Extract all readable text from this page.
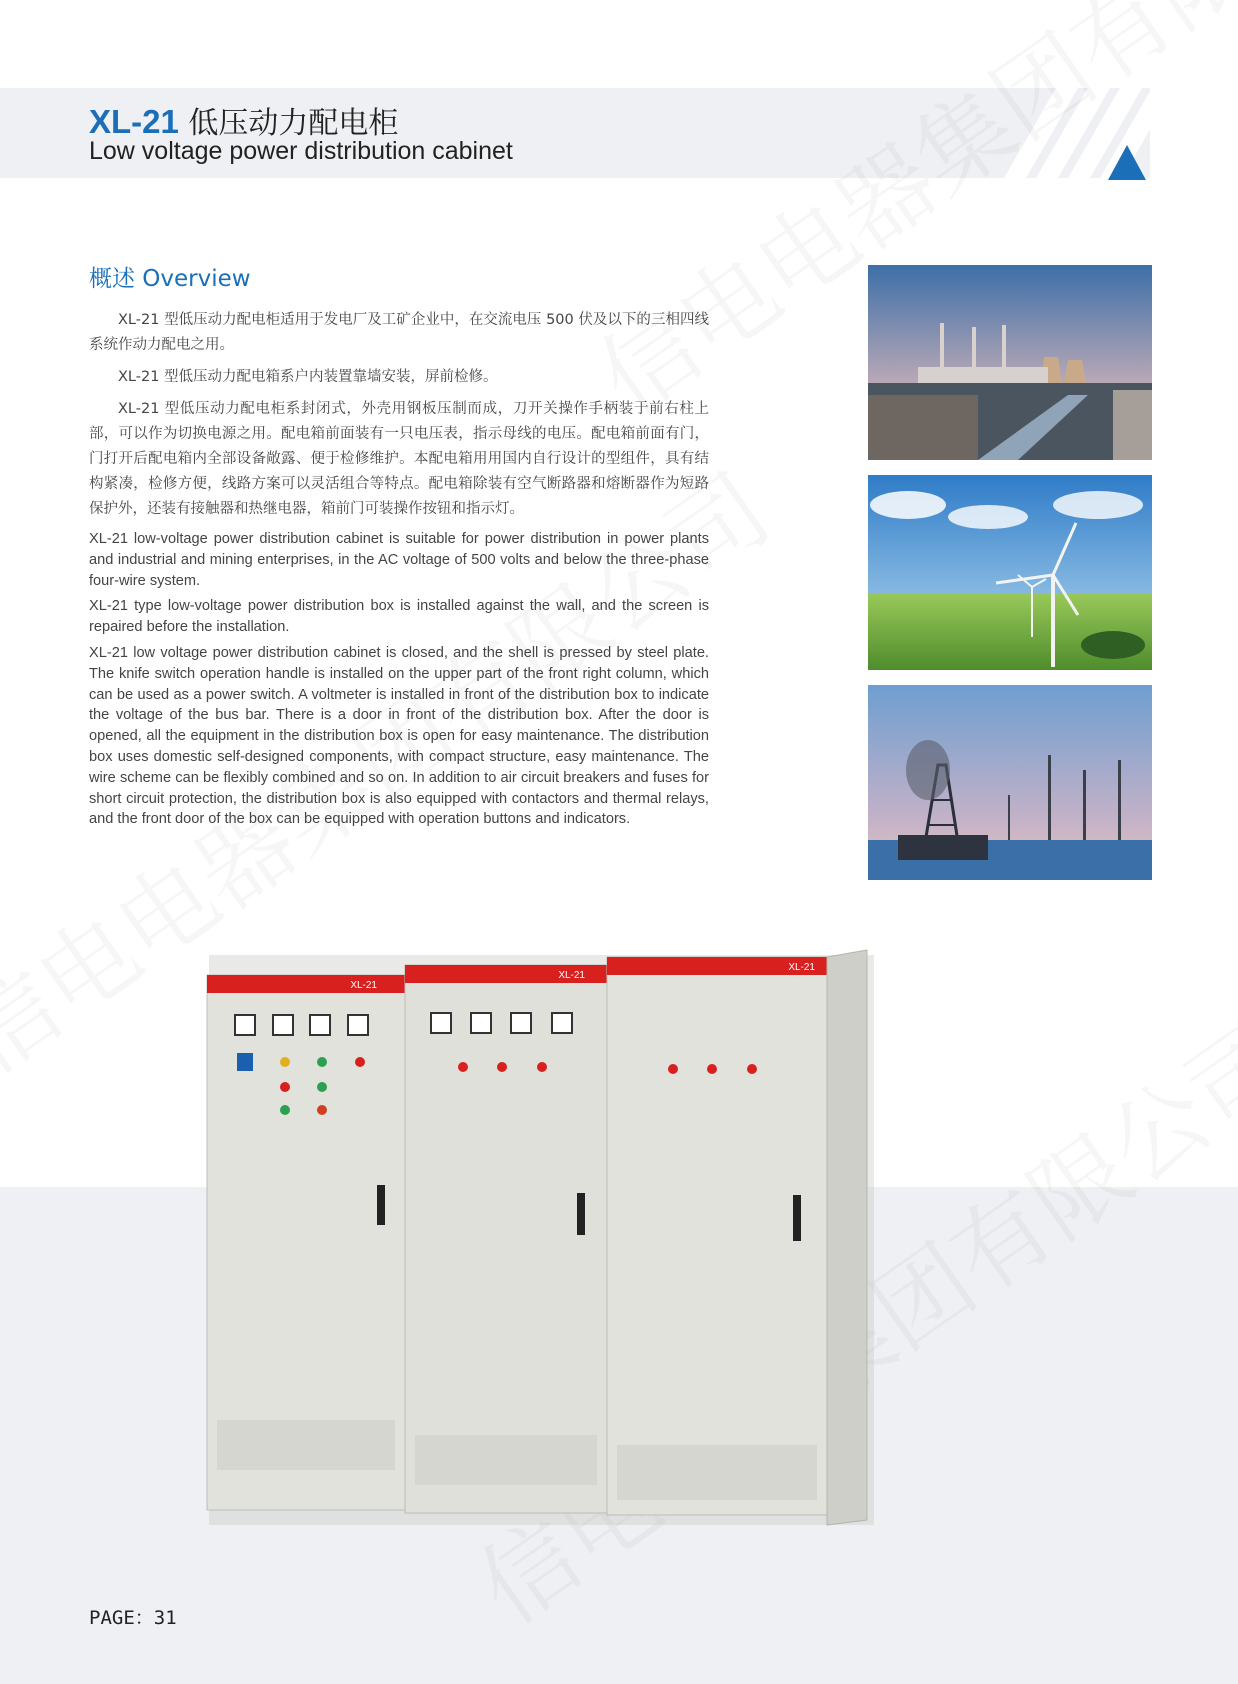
XL-21 低压动力配电柜
Low voltage power distribution cabinet
概述 Overview

XL-21 型低压动力配电柜适用于发电厂及工矿企业中，在交流电压 500 伏及以下的三相四线系统作动力配电之用。

XL-21 型低压动力配电箱系户内装置靠墙安装，屏前检修。

XL-21 型低压动力配电柜系封闭式，外壳用钢板压制而成，刀开关操作手柄装于前右柱上部，可以作为切换电源之用。配电箱前面装有一只电压表，指示母线的电压。配电箱前面有门，门打开后配电箱内全部设备敞露、便于检修维护。本配电箱用用国内自行设计的型组件，具有结构紧凑，检修方便，线路方案可以灵活组合等特点。配电箱除装有空气断路器和熔断器作为短路保护外，还装有接触器和热继电器，箱前门可装操作按钮和指示灯。

XL-21 low-voltage power distribution cabinet is suitable for power distribution in power plants and industrial and mining enterprises, in the AC voltage of 500 volts and below the three-phase four-wire system.

XL-21 type low-voltage power distribution box is installed against the wall, and the screen is repaired before the installation.

XL-21 low voltage power distribution cabinet is closed, and the shell is pressed by steel plate. The knife switch operation handle is installed on the upper part of the front right column, which can be used as a power switch. A voltmeter is installed in front of the distribution box to indicate the voltage of the bus bar. There is a door in front of the distribution box. After the door is opened, all the equipment in the distribution box is open for easy maintenance. The distribution box uses domestic self-designed components, with compact structure, easy maintenance. The wire scheme can be flexibly combined and so on. In addition to air circuit breakers and fuses for short circuit protection, the distribution box is also equipped with contactors and thermal relays, and the front door of the box can be equipped with operation buttons and indicators.

XL-21
XL-21
XL-21
PAGE：31
